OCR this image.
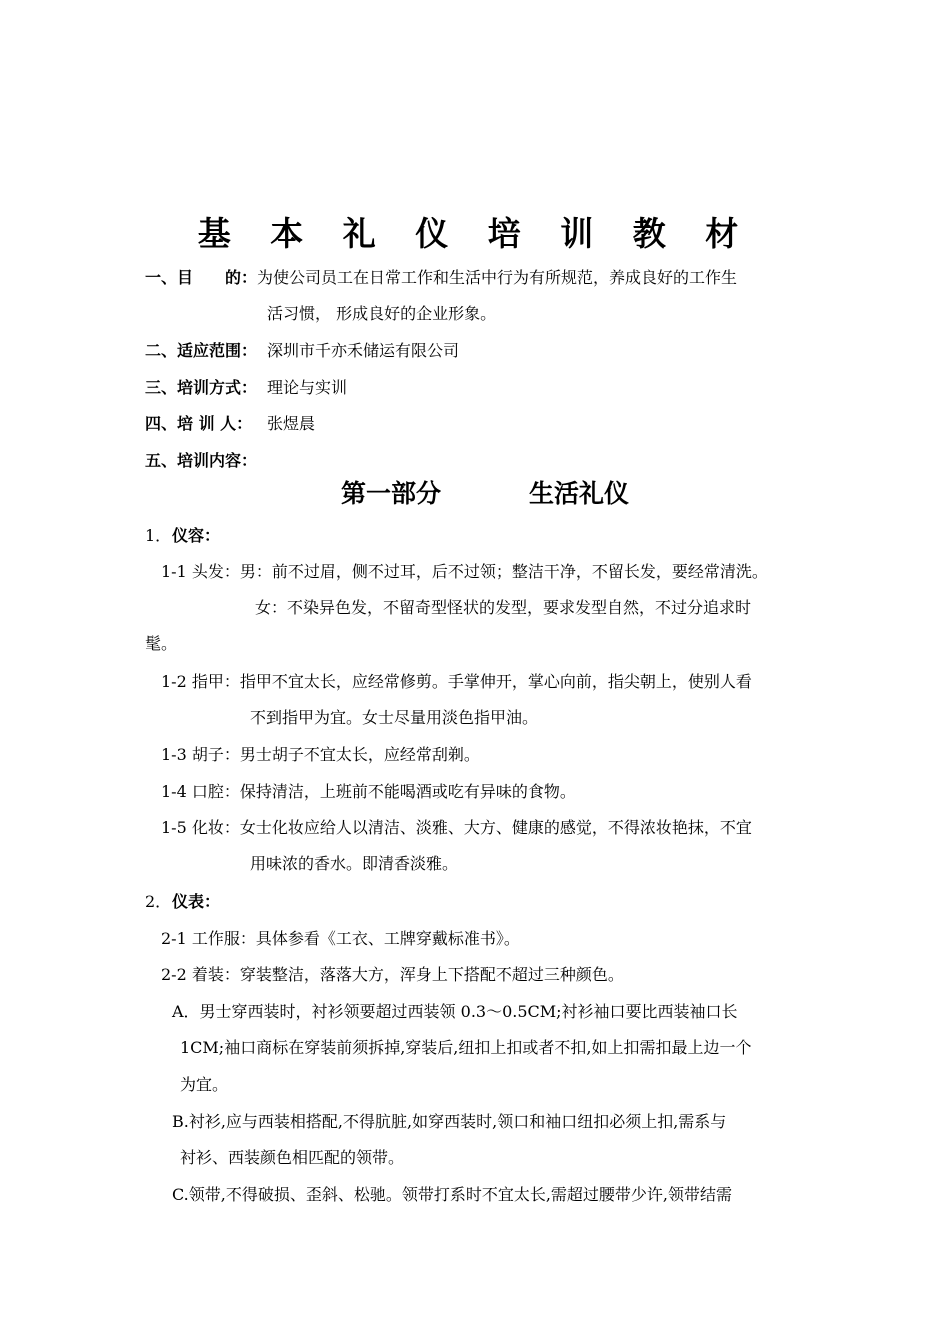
基 本 礼 仪 培 训 教 材
一、目　　的： 为使公司员工在日常工作和生活中行为有所规范，养成良好的工作生
活习惯， 形成良好的企业形象。
二、适应范围： 深圳市千亦禾储运有限公司
三、培训方式： 理论与实训
四、培 训 人： 张煜晨
五、培训内容：
第一部分	生活礼仪
1． 仪容：
1-1 头发：男：前不过眉，侧不过耳，后不过领；整洁干净，不留长发，要经常清洗。
女：不染异色发，不留奇型怪状的发型，要求发型自然，不过分追求时
髦。
1-2 指甲：指甲不宜太长，应经常修剪。手掌伸开，掌心向前，指尖朝上，使别人看
不到指甲为宜。女士尽量用淡色指甲油。
1-3 胡子：男士胡子不宜太长，应经常刮剃。
1-4 口腔：保持清洁，上班前不能喝酒或吃有异味的食物。
1-5 化妆：女士化妆应给人以清洁、淡雅、大方、健康的感觉，不得浓妆艳抹，不宜
用味浓的香水。即清香淡雅。
2． 仪表：
2-1 工作服：具体参看《工衣、工牌穿戴标准书》。
2-2 着装：穿装整洁，落落大方，浑身上下搭配不超过三种颜色。
A．男士穿西装时，衬衫领要超过西装领 0.3～0.5CM;衬衫袖口要比西装袖口长
1CM;袖口商标在穿装前须拆掉,穿装后,纽扣上扣或者不扣,如上扣需扣最上边一个
为宜。
B.衬衫,应与西装相搭配,不得肮脏,如穿西装时,领口和袖口纽扣必须上扣,需系与
衬衫、西装颜色相匹配的领带。
C.领带,不得破损、歪斜、松驰。领带打系时不宜太长,需超过腰带少许,领带结需
